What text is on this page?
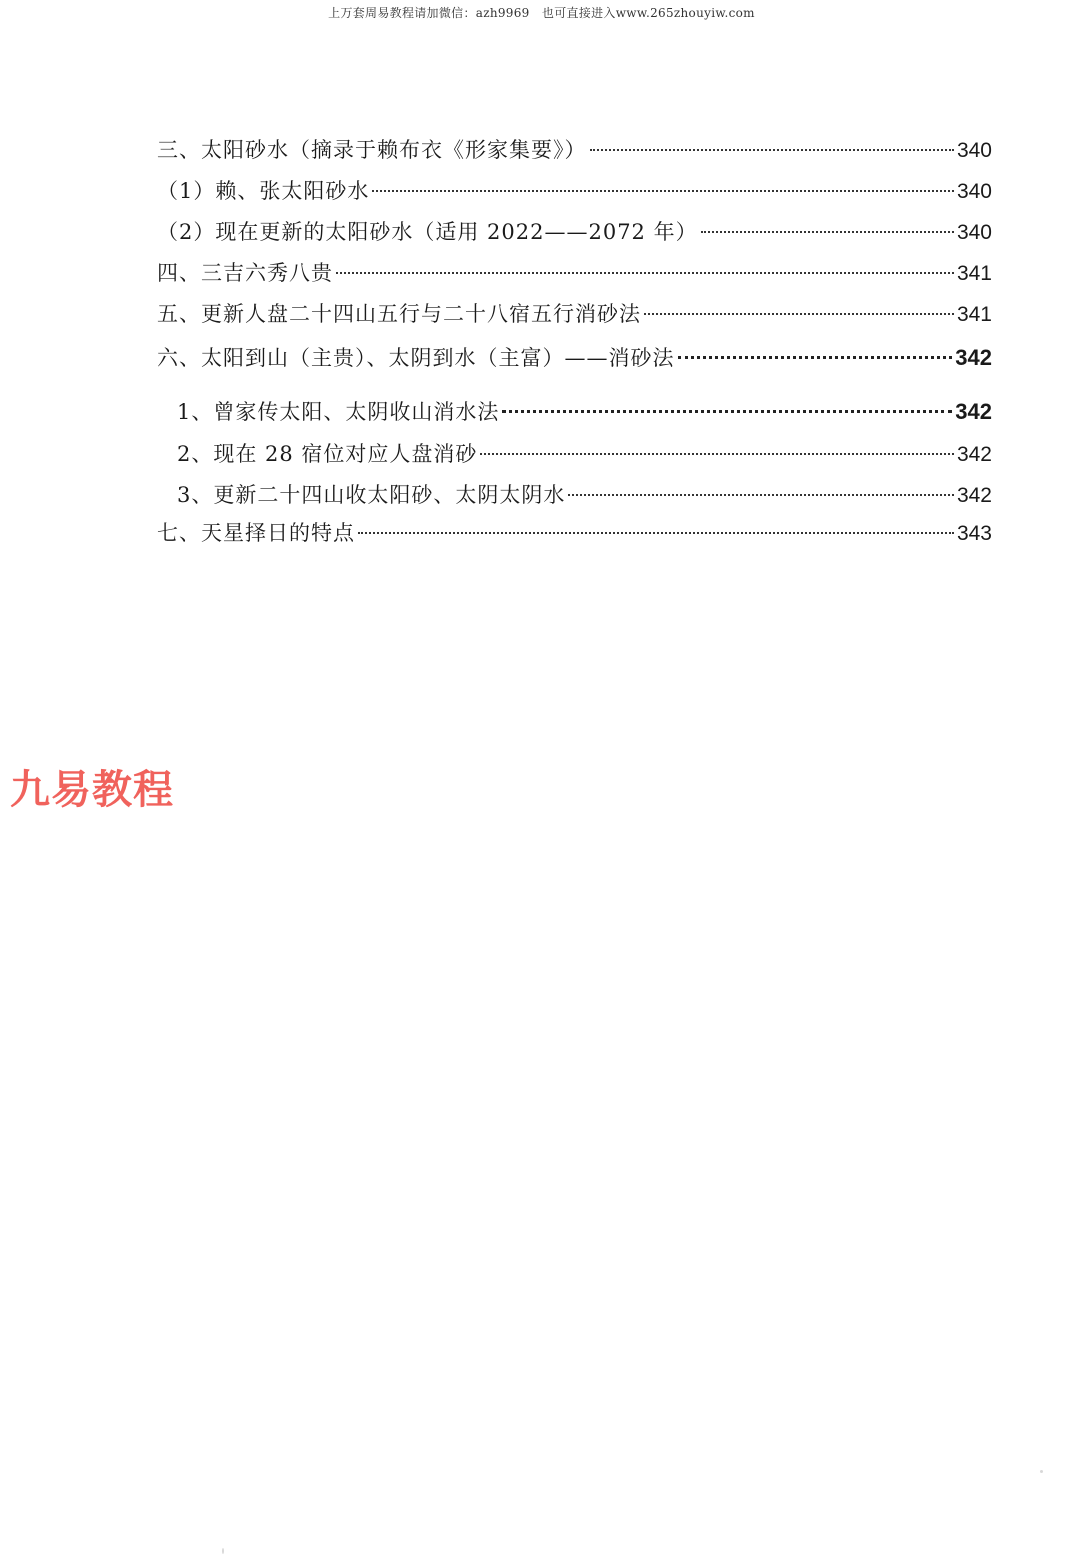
上万套周易教程请加微信：azh9969　也可直接进入www.265zhouyiw.com
三、太阳砂水（摘录于赖布衣《形家集要》）	340
（1）赖、张太阳砂水	340
（2）现在更新的太阳砂水（适用 2022——2072 年）	340
四、三吉六秀八贵	341
五、更新人盘二十四山五行与二十八宿五行消砂法	341
六、太阳到山（主贵）、太阴到水（主富）——消砂法	342
1、曾家传太阳、太阴收山消水法	342
2、现在 28 宿位对应人盘消砂	342
3、更新二十四山收太阳砂、太阴太阴水	342
七、天星择日的特点	343
九易教程
